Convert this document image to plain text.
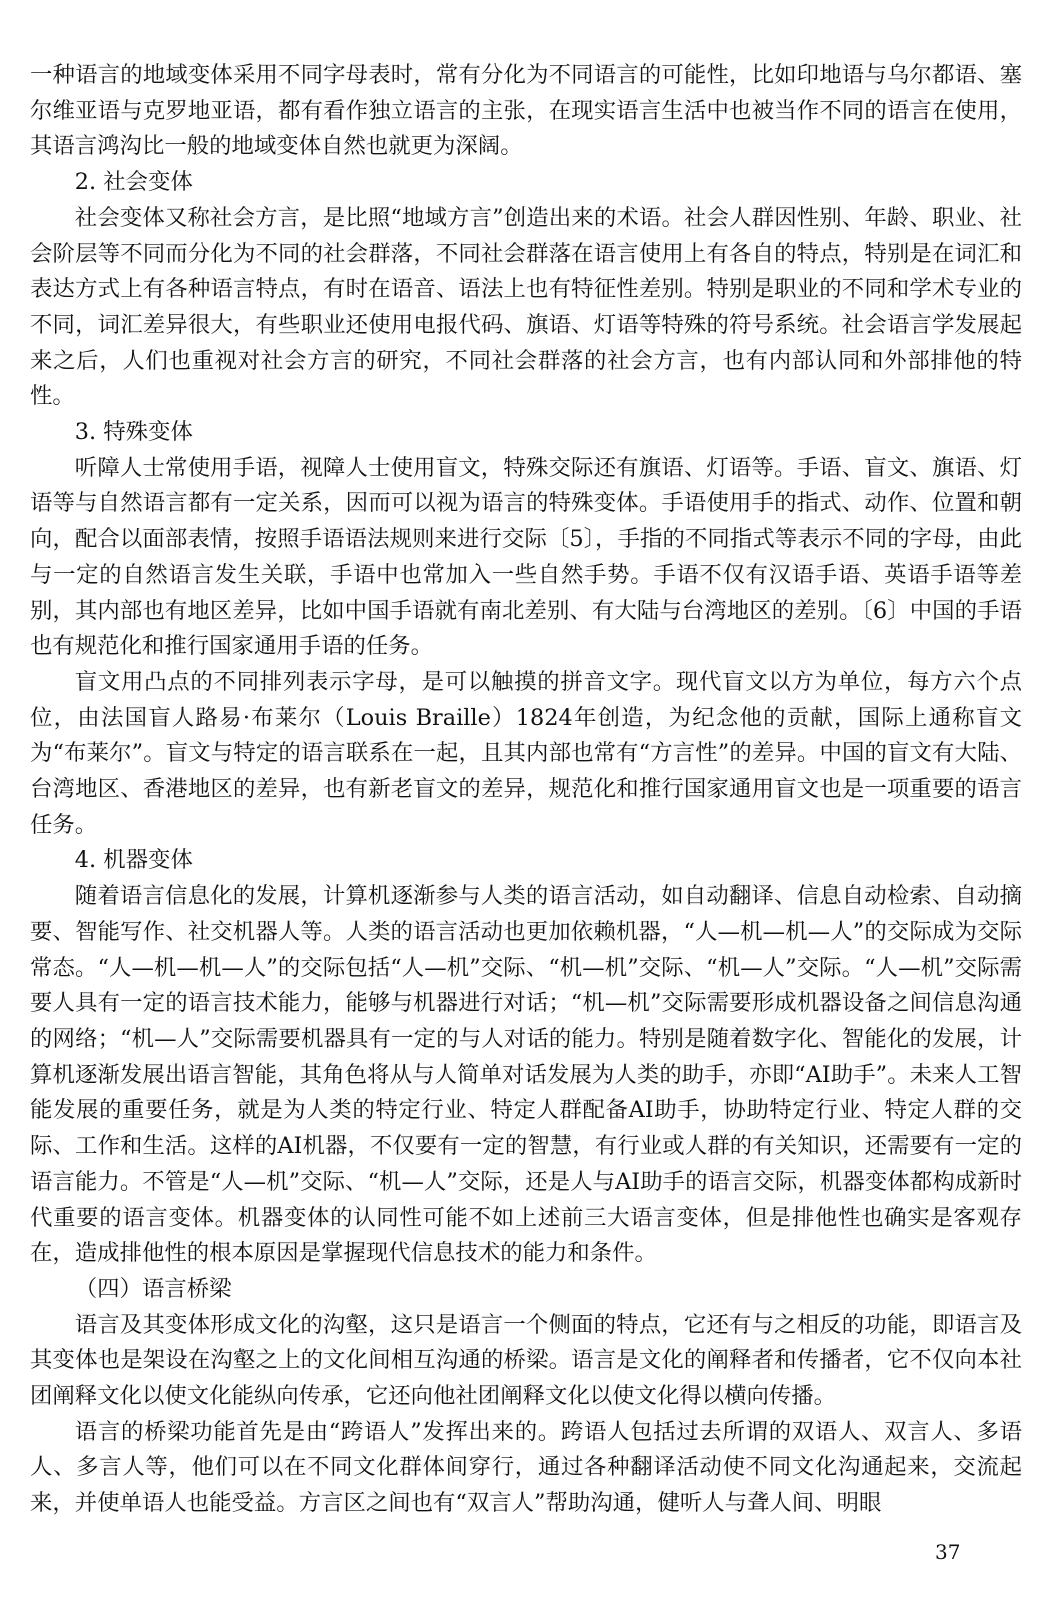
一种语言的地域变体采用不同字母表时，常有分化为不同语言的可能性，比如印地语与乌尔都语、塞尔维亚语与克罗地亚语，都有看作独立语言的主张，在现实语言生活中也被当作不同的语言在使用，其语言鸿沟比一般的地域变体自然也就更为深阔。

2. 社会变体

社会变体又称社会方言，是比照“地域方言”创造出来的术语。社会人群因性别、年龄、职业、社会阶层等不同而分化为不同的社会群落，不同社会群落在语言使用上有各自的特点，特别是在词汇和表达方式上有各种语言特点，有时在语音、语法上也有特征性差别。特别是职业的不同和学术专业的不同，词汇差异很大，有些职业还使用电报代码、旗语、灯语等特殊的符号系统。社会语言学发展起来之后，人们也重视对社会方言的研究，不同社会群落的社会方言，也有内部认同和外部排他的特性。

3. 特殊变体

听障人士常使用手语，视障人士使用盲文，特殊交际还有旗语、灯语等。手语、盲文、旗语、灯语等与自然语言都有一定关系，因而可以视为语言的特殊变体。手语使用手的指式、动作、位置和朝向，配合以面部表情，按照手语语法规则来进行交际〔5〕，手指的不同指式等表示不同的字母，由此与一定的自然语言发生关联，手语中也常加入一些自然手势。手语不仅有汉语手语、英语手语等差别，其内部也有地区差异，比如中国手语就有南北差别、有大陆与台湾地区的差别。〔6〕中国的手语也有规范化和推行国家通用手语的任务。

盲文用凸点的不同排列表示字母，是可以触摸的拼音文字。现代盲文以方为单位，每方六个点位，由法国盲人路易·布莱尔（Louis Braille）1824年创造，为纪念他的贡献，国际上通称盲文为“布莱尔”。盲文与特定的语言联系在一起，且其内部也常有“方言性”的差异。中国的盲文有大陆、台湾地区、香港地区的差异，也有新老盲文的差异，规范化和推行国家通用盲文也是一项重要的语言任务。

4. 机器变体

随着语言信息化的发展，计算机逐渐参与人类的语言活动，如自动翻译、信息自动检索、自动摘要、智能写作、社交机器人等。人类的语言活动也更加依赖机器，“人—机—机—人”的交际成为交际常态。“人—机—机—人”的交际包括“人—机”交际、“机—机”交际、“机—人”交际。“人—机”交际需要人具有一定的语言技术能力，能够与机器进行对话；“机—机”交际需要形成机器设备之间信息沟通的网络；“机—人”交际需要机器具有一定的与人对话的能力。特别是随着数字化、智能化的发展，计算机逐渐发展出语言智能，其角色将从与人简单对话发展为人类的助手，亦即“AI助手”。未来人工智能发展的重要任务，就是为人类的特定行业、特定人群配备AI助手，协助特定行业、特定人群的交际、工作和生活。这样的AI机器，不仅要有一定的智慧，有行业或人群的有关知识，还需要有一定的语言能力。不管是“人—机”交际、“机—人”交际，还是人与AI助手的语言交际，机器变体都构成新时代重要的语言变体。机器变体的认同性可能不如上述前三大语言变体，但是排他性也确实是客观存在，造成排他性的根本原因是掌握现代信息技术的能力和条件。

（四）语言桥梁

语言及其变体形成文化的沟壑，这只是语言一个侧面的特点，它还有与之相反的功能，即语言及其变体也是架设在沟壑之上的文化间相互沟通的桥梁。语言是文化的阐释者和传播者，它不仅向本社团阐释文化以使文化能纵向传承，它还向他社团阐释文化以使文化得以横向传播。

语言的桥梁功能首先是由“跨语人”发挥出来的。跨语人包括过去所谓的双语人、双言人、多语人、多言人等，他们可以在不同文化群体间穿行，通过各种翻译活动使不同文化沟通起来，交流起来，并使单语人也能受益。方言区之间也有“双言人”帮助沟通，健听人与聋人间、明眼

37
